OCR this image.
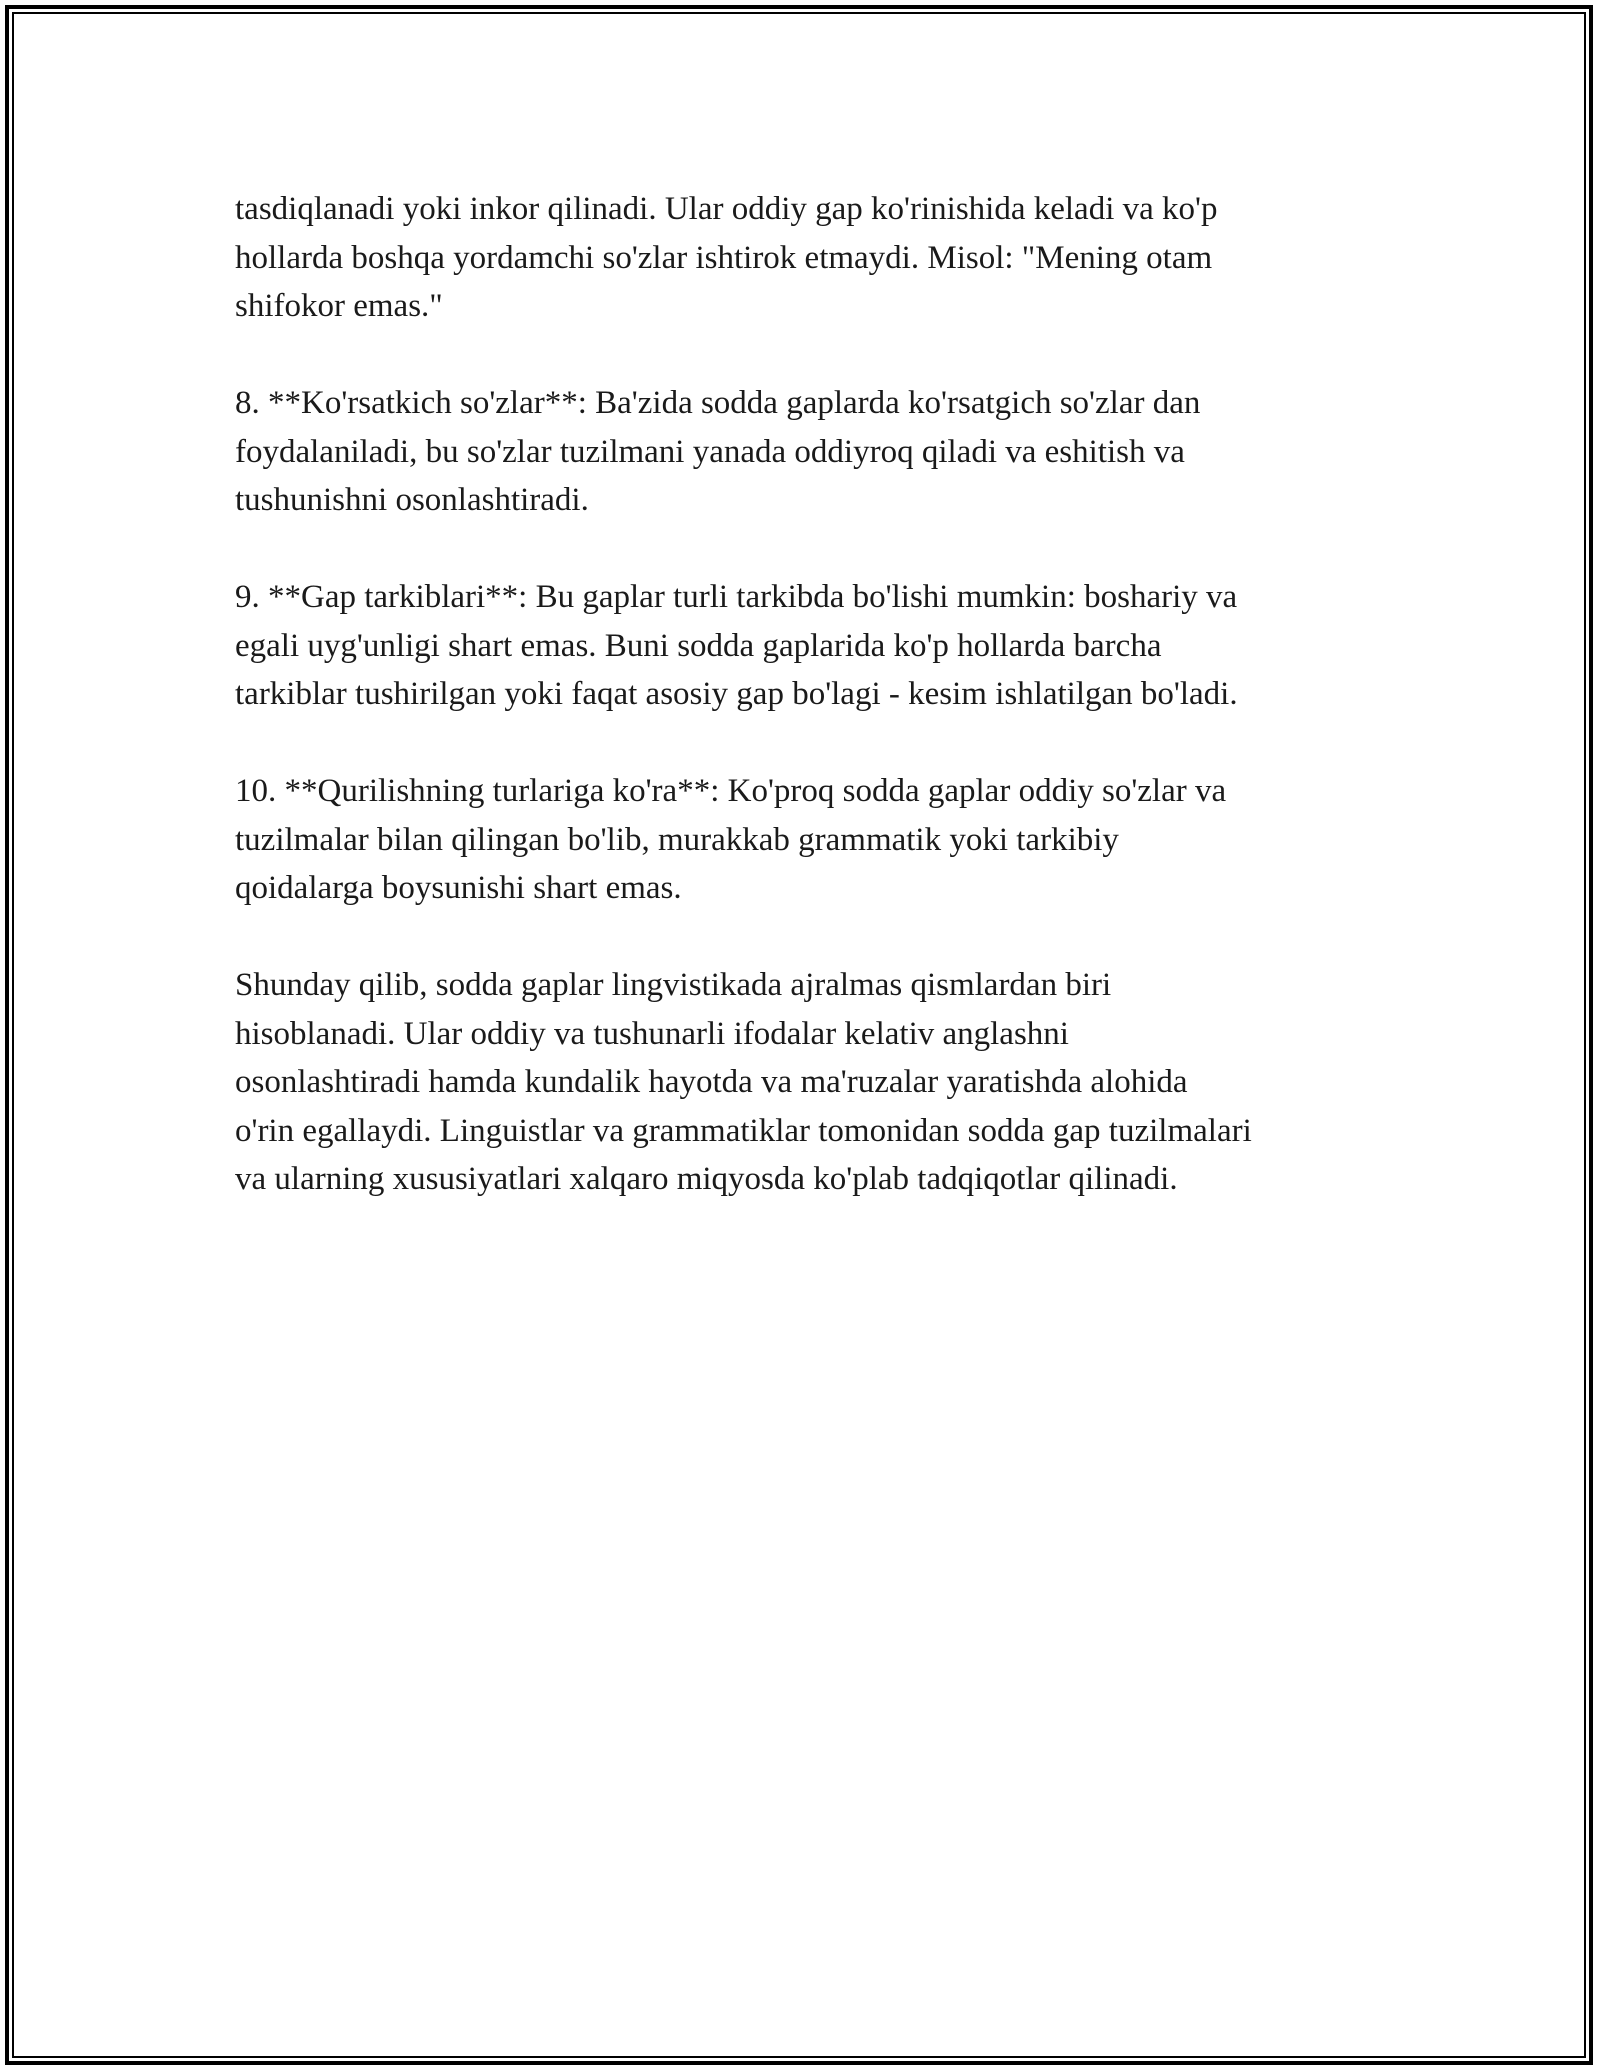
tasdiqlanadi yoki inkor qilinadi. Ular oddiy gap ko'rinishida keladi va ko'p
hollarda boshqa yordamchi so'zlar ishtirok etmaydi. Misol: "Mening otam
shifokor emas."

8. **Ko'rsatkich so'zlar**: Ba'zida sodda gaplarda ko'rsatgich so'zlar dan
foydalaniladi, bu so'zlar tuzilmani yanada oddiyroq qiladi va eshitish va
tushunishni osonlashtiradi.

9. **Gap tarkiblari**: Bu gaplar turli tarkibda bo'lishi mumkin: boshariy va
egali uyg'unligi shart emas. Buni sodda gaplarida ko'p hollarda barcha
tarkiblar tushirilgan yoki faqat asosiy gap bo'lagi - kesim ishlatilgan bo'ladi.

10. **Qurilishning turlariga ko'ra**: Ko'proq sodda gaplar oddiy so'zlar va
tuzilmalar bilan qilingan bo'lib, murakkab grammatik yoki tarkibiy
qoidalarga boysunishi shart emas.

Shunday qilib, sodda gaplar lingvistikada ajralmas qismlardan biri
hisoblanadi. Ular oddiy va tushunarli ifodalar kelativ anglashni
osonlashtiradi hamda kundalik hayotda va ma'ruzalar yaratishda alohida
o'rin egallaydi. Linguistlar va grammatiklar tomonidan sodda gap tuzilmalari
va ularning xususiyatlari xalqaro miqyosda ko'plab tadqiqotlar qilinadi.
